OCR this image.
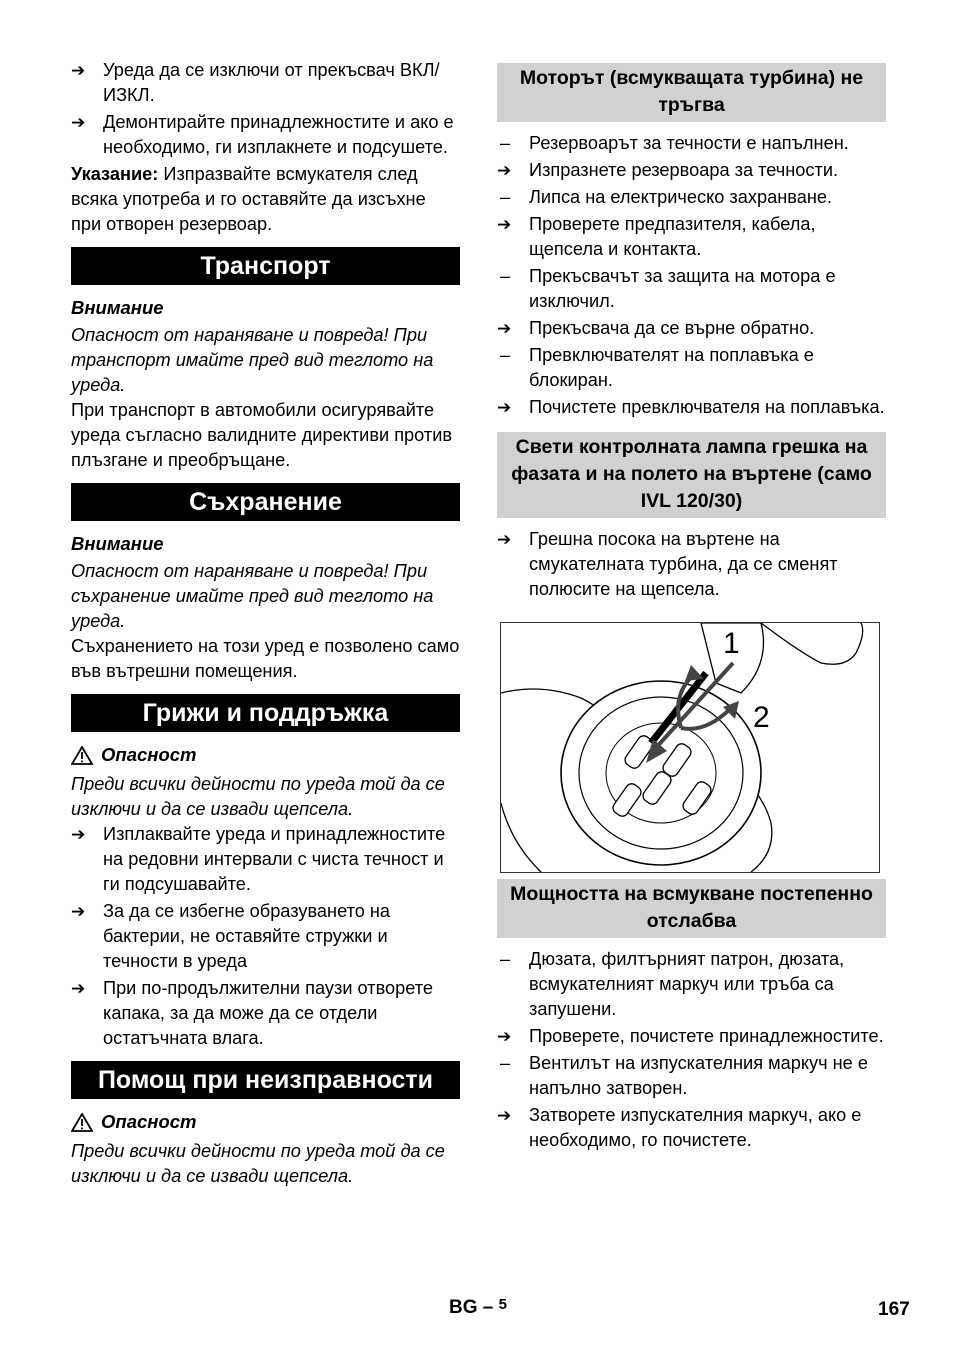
➔ Уреда да се изключи от прекъсвач ВКЛ/ИЗКЛ.
➔ Демонтирайте принадлежностите и ако е необходимо, ги изплакнете и подсушете.

Указание: Изпразвайте всмукателя след всяка употреба и го оставяйте да изсъхне при отворен резервоар.

Транспорт
Внимание

Опасност от нараняване и повреда! При транспорт имайте пред вид теглото на уреда.

При транспорт в автомобили осигурявайте уреда съгласно валидните директиви против плъзгане и преобръщане.

Съхранение
Внимание

Опасност от нараняване и повреда! При съхранение имайте пред вид теглото на уреда.

Съхранението на този уред е позволено само във вътрешни помещения.

Грижи и поддръжка
Опасност

Преди всички дейности по уреда той да се изключи и да се извади щепсела.

➔ Изплаквайте уреда и принадлежностите на редовни интервали с чиста течност и ги подсушавайте.
➔ За да се избегне образуването на бактерии, не оставяйте стружки и течности в уреда
➔ При по-продължителни паузи отворете капака, за да може да се отдели остатъчната влага.
Помощ при неизправности
Опасност

Преди всички дейности по уреда той да се изключи и да се извади щепсела.

Моторът (всмукващата турбина) не тръгва
–	Резервоарът за течности е напълнен.
➔ Изпразнете резервоара за течности.
–	Липса на електрическо захранване.
➔ Проверете предпазителя, кабела, щепсела и контакта.
–	Прекъсвачът за защита на мотора е изключил.
➔ Прекъсвача да се върне обратно.
–	Превключвателят на поплавъка е блокиран.
➔ Почистете превключвателя на поплавъка.
Свети контролната лампа грешка на фазата и на полето на въртене (само IVL 120/30)
➔ Грешна посока на въртене на смукателната турбина, да се сменят полюсите на щепсела.
1
2
Мощността на всмукване постепенно отслабва
–	Дюзата, филтърният патрон, дюзата, всмукателният маркуч или тръба са запушени.
➔ Проверете, почистете принадлежностите.
–	Вентилът на изпускателния маркуч не е напълно затворен.
➔ Затворете изпускателния маркуч, ако е необходимо, го почистете.
BG – $^5$	167
